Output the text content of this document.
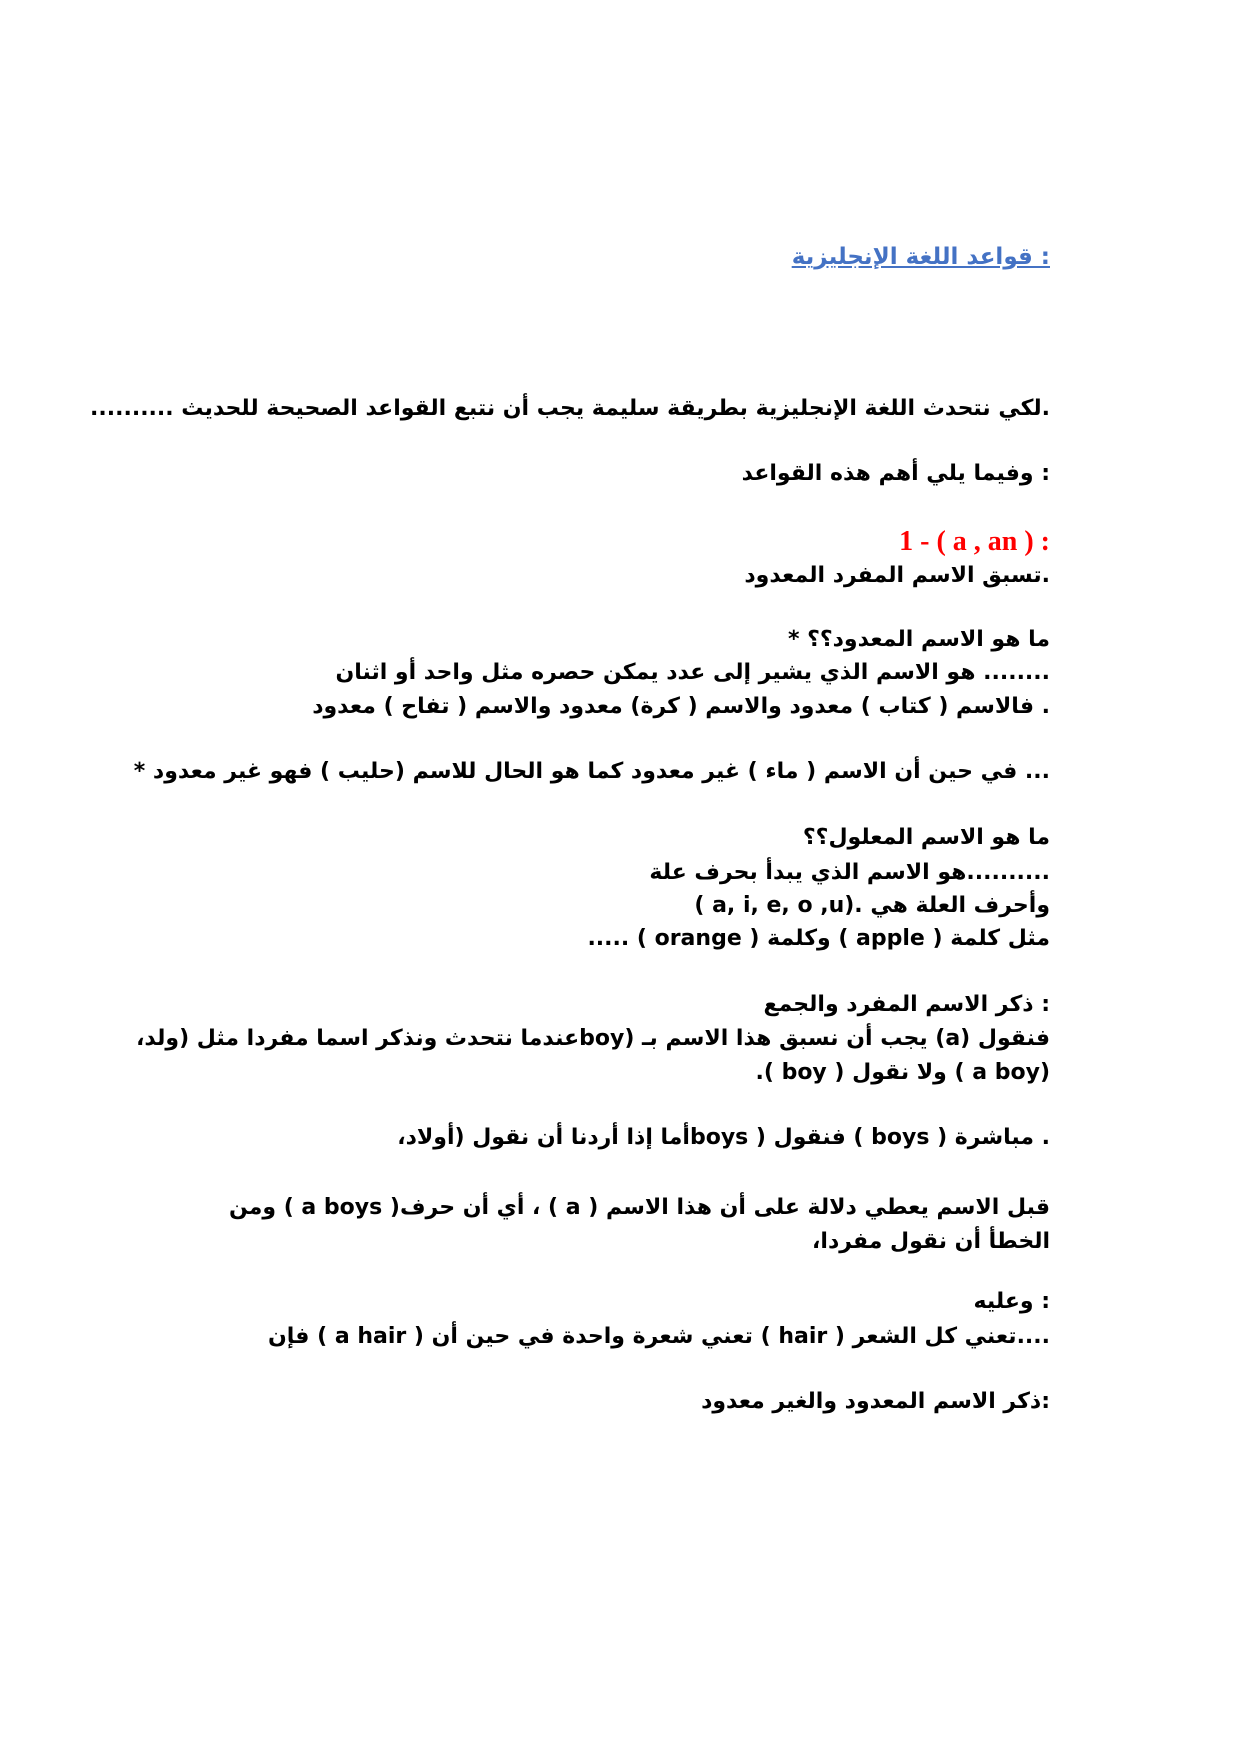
: قواعد اللغة الإنجليزية
.لكي نتحدث اللغة الإنجليزية بطريقة سليمة يجب أن نتبع القواعد الصحيحة للحديث ..........
: وفيما يلي أهم هذه القواعد
1 - ( a , an ) :
.تسبق الاسم المفرد المعدود
ما هو الاسم المعدود؟؟ *
........ هو الاسم الذي يشير إلى عدد يمكن حصره مثل واحد أو اثنان
. فالاسم ( كتاب ) معدود والاسم ( كرة) معدود والاسم ( تفاح ) معدود
... في حين أن الاسم ( ماء ) غير معدود كما هو الحال للاسم (حليب ) فهو غير معدود *
ما هو الاسم المعلول؟؟
..........هو الاسم الذي يبدأ بحرف علة
( a, i, e, o ,u). وأحرف العلة هي
..... ( orange ) وكلمة ( apple ) مثل كلمة
: ذكر الاسم المفرد والجمع
فنقول (a) يجب أن نسبق هذا الاسم بـ (boyعندما نتحدث ونذكر اسما مفردا مثل (ولد،
.( boy ) ولا نقول ( a boy)
. مباشرة ( boys ) فنقول ( boysأما إذا أردنا أن نقول (أولاد،
قبل الاسم يعطي دلالة على أن هذا الاسم ( a ) ، أي أن حرف( a boys ) ومن الخطأ أن نقول مفردا،
: وعليه
....تعني كل الشعر ( hair ) تعني شعرة واحدة في حين أن ( a hair ) فإن
:ذكر الاسم المعدود والغير معدود
